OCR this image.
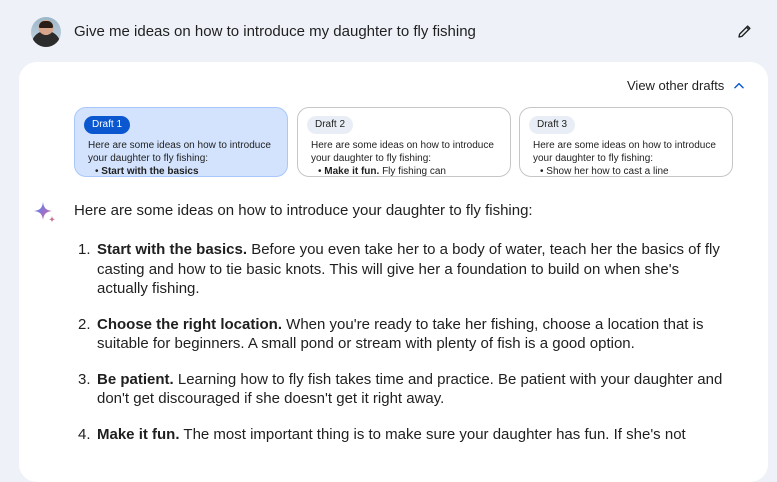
Give me ideas on how to introduce my daughter to fly fishing
View other drafts
Draft 1
Here are some ideas on how to introduce your daughter to fly fishing:
• Start with the basics
Draft 2
Here are some ideas on how to introduce your daughter to fly fishing:
• Make it fun. Fly fishing can
Draft 3
Here are some ideas on how to introduce your daughter to fly fishing:
• Show her how to cast a line
Here are some ideas on how to introduce your daughter to fly fishing:
1. Start with the basics. Before you even take her to a body of water, teach her the basics of fly casting and how to tie basic knots. This will give her a foundation to build on when she's actually fishing.
2. Choose the right location. When you're ready to take her fishing, choose a location that is suitable for beginners. A small pond or stream with plenty of fish is a good option.
3. Be patient. Learning how to fly fish takes time and practice. Be patient with your daughter and don't get discouraged if she doesn't get it right away.
4. Make it fun. The most important thing is to make sure your daughter has fun. If she's not
